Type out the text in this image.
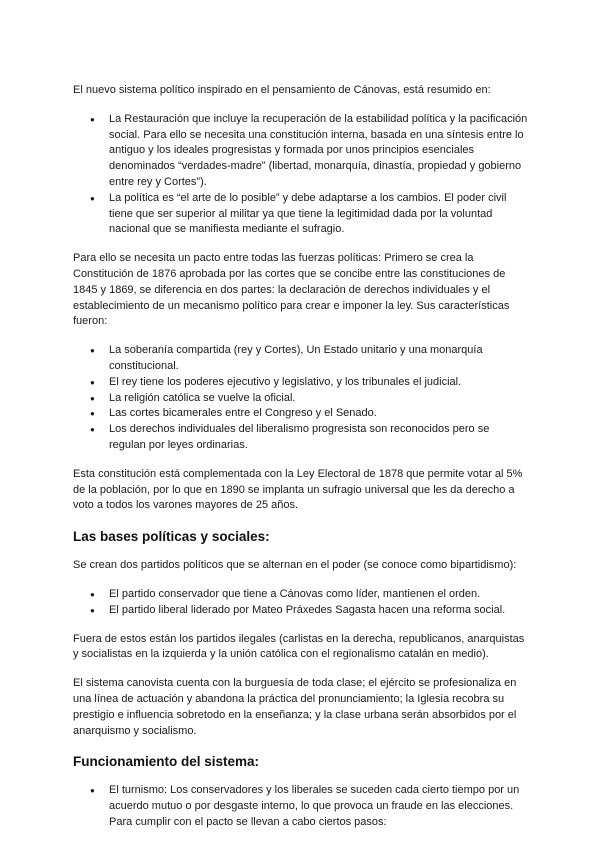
El nuevo sistema político inspirado en el pensamiento de Cánovas, está resumido en:

● La Restauración que incluye la recuperación de la estabilidad política y la pacificación social. Para ello se necesita una constitución interna, basada en una síntesis entre lo antiguo y los ideales progresistas y formada por unos principios esenciales denominados “verdades-madre” (libertad, monarquía, dinastía, propiedad y gobierno entre rey y Cortes”).
● La política es “el arte de lo posible” y debe adaptarse a los cambios. El poder civil tiene que ser superior al militar ya que tiene la legitimidad dada por la voluntad nacional que se manifiesta mediante el sufragio.

Para ello se necesita un pacto entre todas las fuerzas políticas: Primero se crea la Constitución de 1876 aprobada por las cortes que se concibe entre las constituciones de 1845 y 1869, se diferencia en dos partes: la declaración de derechos individuales y el establecimiento de un mecanismo político para crear e imponer la ley. Sus características fueron:

● La soberanía compartida (rey y Cortes), Un Estado unitario y una monarquía constitucional.
● El rey tiene los poderes ejecutivo y legislativo, y los tribunales el judicial.
● La religión católica se vuelve la oficial.
● Las cortes bicamerales entre el Congreso y el Senado.
● Los derechos individuales del liberalismo progresista son reconocidos pero se regulan por leyes ordinarias.

Esta constitución está complementada con la Ley Electoral de 1878 que permite votar al 5% de la población, por lo que en 1890 se implanta un sufragio universal que les da derecho a voto a todos los varones mayores de 25 años.

Las bases políticas y sociales:

Se crean dos partidos políticos que se alternan en el poder (se conoce como bipartidismo):

● El partido conservador que tiene a Cánovas como líder, mantienen el orden.
● El partido liberal liderado por Mateo Práxedes Sagasta hacen una reforma social.

Fuera de estos están los partidos ilegales (carlistas en la derecha, republicanos, anarquistas y socialistas en la izquierda y la unión católica con el regionalismo catalán en medio).

El sistema canovista cuenta con la burguesía de toda clase; el ejército se profesionaliza en una línea de actuación y abandona la práctica del pronunciamiento; la Iglesia recobra su prestigio e influencia sobretodo en la enseñanza; y la clase urbana serán absorbidos por el anarquismo y socialismo.

Funcionamiento del sistema:
● El turnismo: Los conservadores y los liberales se suceden cada cierto tiempo por un acuerdo mutuo o por desgaste interno, lo que provoca un fraude en las elecciones. Para cumplir con el pacto se llevan a cabo ciertos pasos:
